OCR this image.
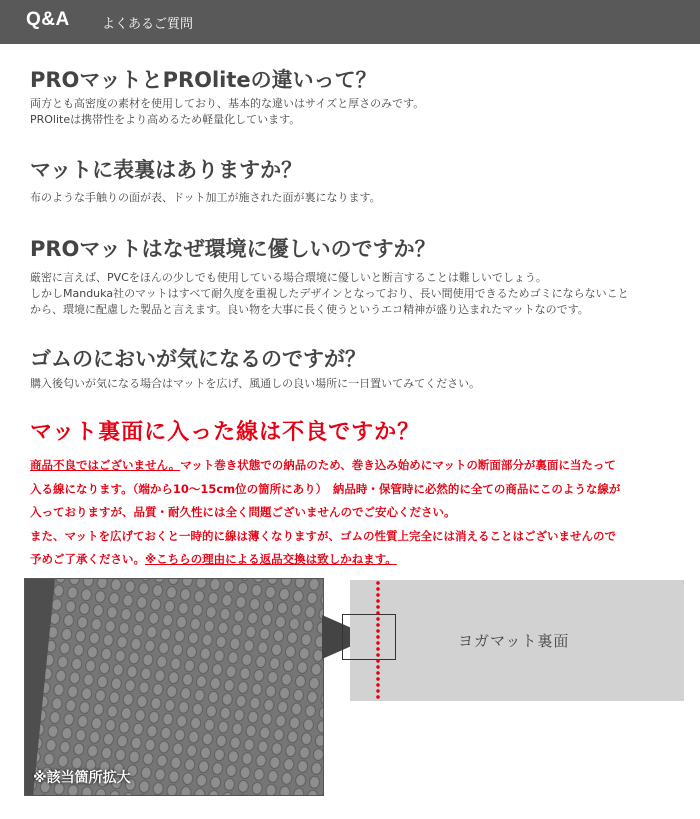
Q&A よくあるご質問
PROマットとPROliteの違いって？
両方とも高密度の素材を使用しており、基本的な違いはサイズと厚さのみです。
PROliteは携帯性をより高めるため軽量化しています。
マットに表裏はありますか？
布のような手触りの面が表、ドット加工が施された面が裏になります。
PROマットはなぜ環境に優しいのですか？
厳密に言えば、PVCをほんの少しでも使用している場合環境に優しいと断言することは難しいでしょう。
しかしManduka社のマットはすべて耐久度を重視したデザインとなっており、長い間使用できるためゴミにならないこと
から、環境に配慮した製品と言えます。良い物を大事に長く使うというエコ精神が盛り込まれたマットなのです。
ゴムのにおいが気になるのですが？
購入後匂いが気になる場合はマットを広げ、風通しの良い場所に一日置いてみてください。
マット裏面に入った線は不良ですか？
商品不良ではございません。マット巻き状態での納品のため、巻き込み始めにマットの断面部分が裏面に当たって
入る線になります。（端から10〜15cm位の箇所にあり）　納品時・保管時に必然的に全ての商品にこのような線が
入っておりますが、品質・耐久性には全く問題ございませんのでご安心ください。
また、マットを広げておくと一時的に線は薄くなりますが、ゴムの性質上完全には消えることはございませんので
予めご了承ください。※こちらの理由による返品交換は致しかねます。
※該当箇所拡大
ヨガマット裏面
